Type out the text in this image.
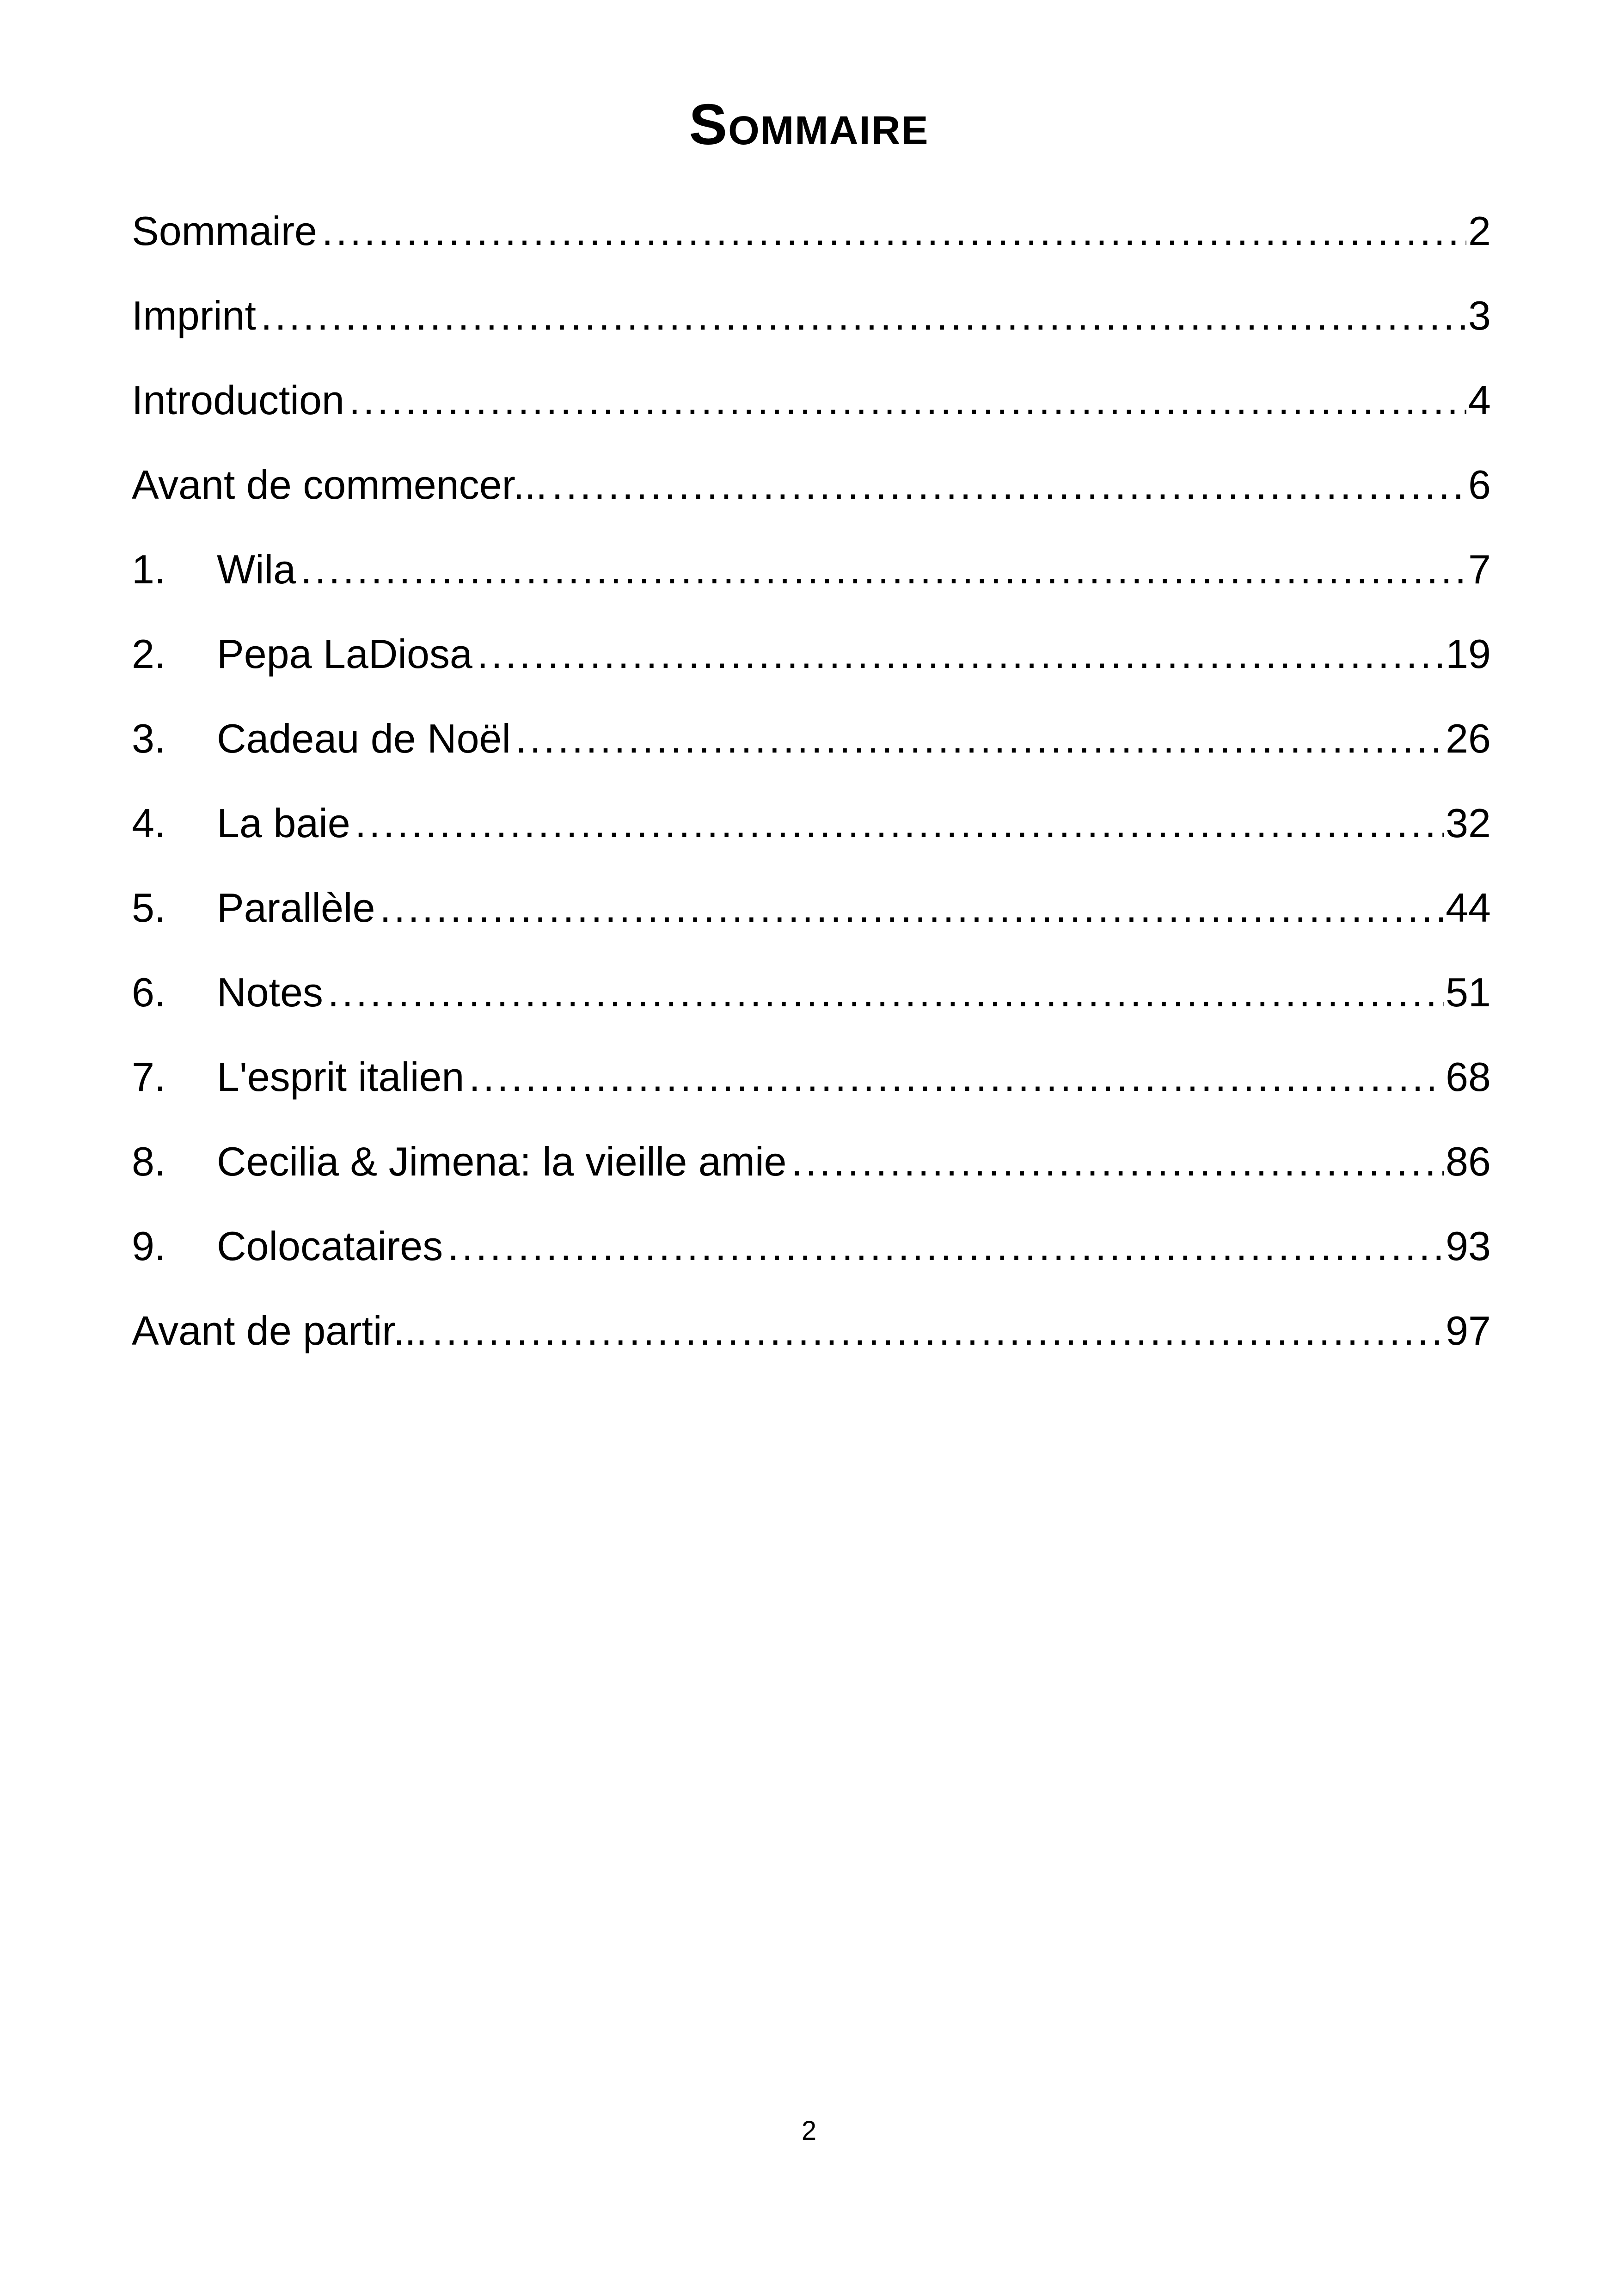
Sommaire
Sommaire .....	2
Imprint .....	3
Introduction .....	4
Avant de commencer... .....	6
1.	Wila .....	7
2.	Pepa LaDiosa .....	19
3.	Cadeau de Noël .....	26
4.	La baie .....	32
5.	Parallèle .....	44
6.	Notes .....	51
7.	L'esprit italien .....	68
8.	Cecilia & Jimena: la vieille amie .....	86
9.	Colocataires .....	93
Avant de partir... .....	97
2
